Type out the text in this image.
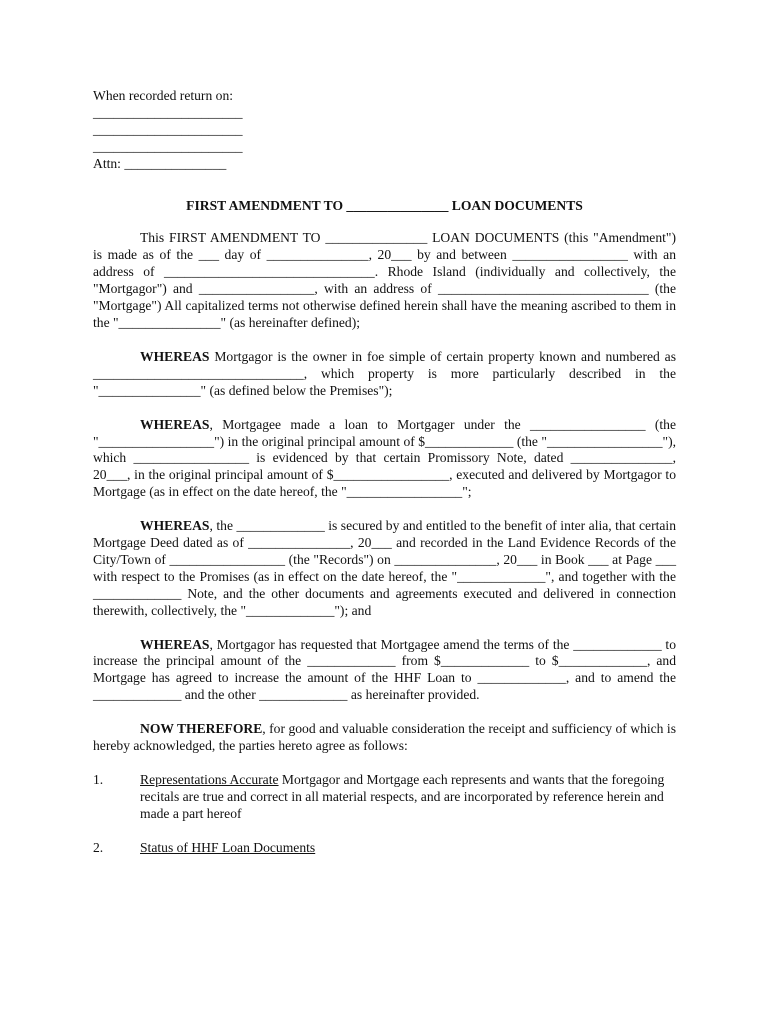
When recorded return on:
______________________
______________________
______________________
Attn: _______________
FIRST AMENDMENT TO _______________ LOAN DOCUMENTS

This FIRST AMENDMENT TO _______________ LOAN DOCUMENTS (this "Amendment") is made as of the ___ day of _______________, 20___ by and between _________________ with an address of _______________________________. Rhode Island (individually and collectively, the "Mortgagor") and _________________, with an address of _______________________________ (the "Mortgage") All capitalized terms not otherwise defined herein shall have the meaning ascribed to them in the "_______________" (as hereinafter defined);

WHEREAS Mortgagor is the owner in foe simple of certain property known and numbered as _______________________________, which property is more particularly described in the "_______________" (as defined below the Premises");

WHEREAS, Mortgagee made a loan to Mortgager under the _________________ (the "_________________") in the original principal amount of $_____________ (the "_________________"), which _________________ is evidenced by that certain Promissory Note, dated _______________, 20___, in the original principal amount of $_________________, executed and delivered by Mortgagor to Mortgage (as in effect on the date hereof, the "_________________";

WHEREAS, the _____________ is secured by and entitled to the benefit of inter alia, that certain Mortgage Deed dated as of _______________, 20___ and recorded in the Land Evidence Records of the City/Town of _________________ (the "Records") on _______________, 20___ in Book ___ at Page ___ with respect to the Promises (as in effect on the date hereof, the "_____________", and together with the _____________ Note, and the other documents and agreements executed and delivered in connection therewith, collectively, the "_____________"); and

WHEREAS, Mortgagor has requested that Mortgagee amend the terms of the _____________ to increase the principal amount of the _____________ from $_____________ to $_____________, and Mortgage has agreed to increase the amount of the HHF Loan to _____________, and to amend the _____________ and the other _____________ as hereinafter provided.

NOW THEREFORE, for good and valuable consideration the receipt and sufficiency of which is hereby acknowledged, the parties hereto agree as follows:

1.	Representations Accurate Mortgagor and Mortgage each represents and wants that the foregoing recitals are true and correct in all material respects, and are incorporated by reference herein and made a part hereof
2.	Status of HHF Loan Documents
